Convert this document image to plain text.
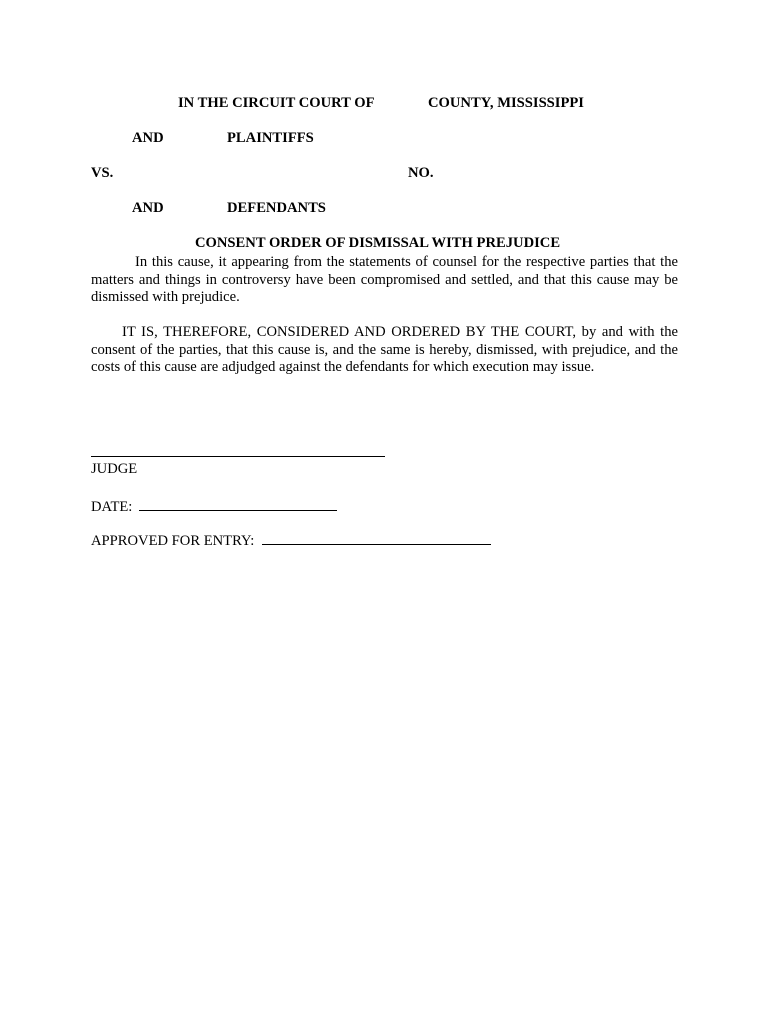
IN THE CIRCUIT COURT OF	COUNTY, MISSISSIPPI
AND	PLAINTIFFS
VS.	NO.
AND	DEFENDANTS
CONSENT ORDER OF DISMISSAL WITH PREJUDICE

In this cause, it appearing from the statements of counsel for the respective parties that the matters and things in controversy have been compromised and settled, and that this cause may be dismissed with prejudice.

IT IS, THEREFORE, CONSIDERED AND ORDERED BY THE COURT, by and with the consent of the parties, that this cause is, and the same is hereby, dismissed, with prejudice, and the costs of this cause are adjudged against the defendants for which execution may issue.

JUDGE
DATE:
APPROVED FOR ENTRY:
